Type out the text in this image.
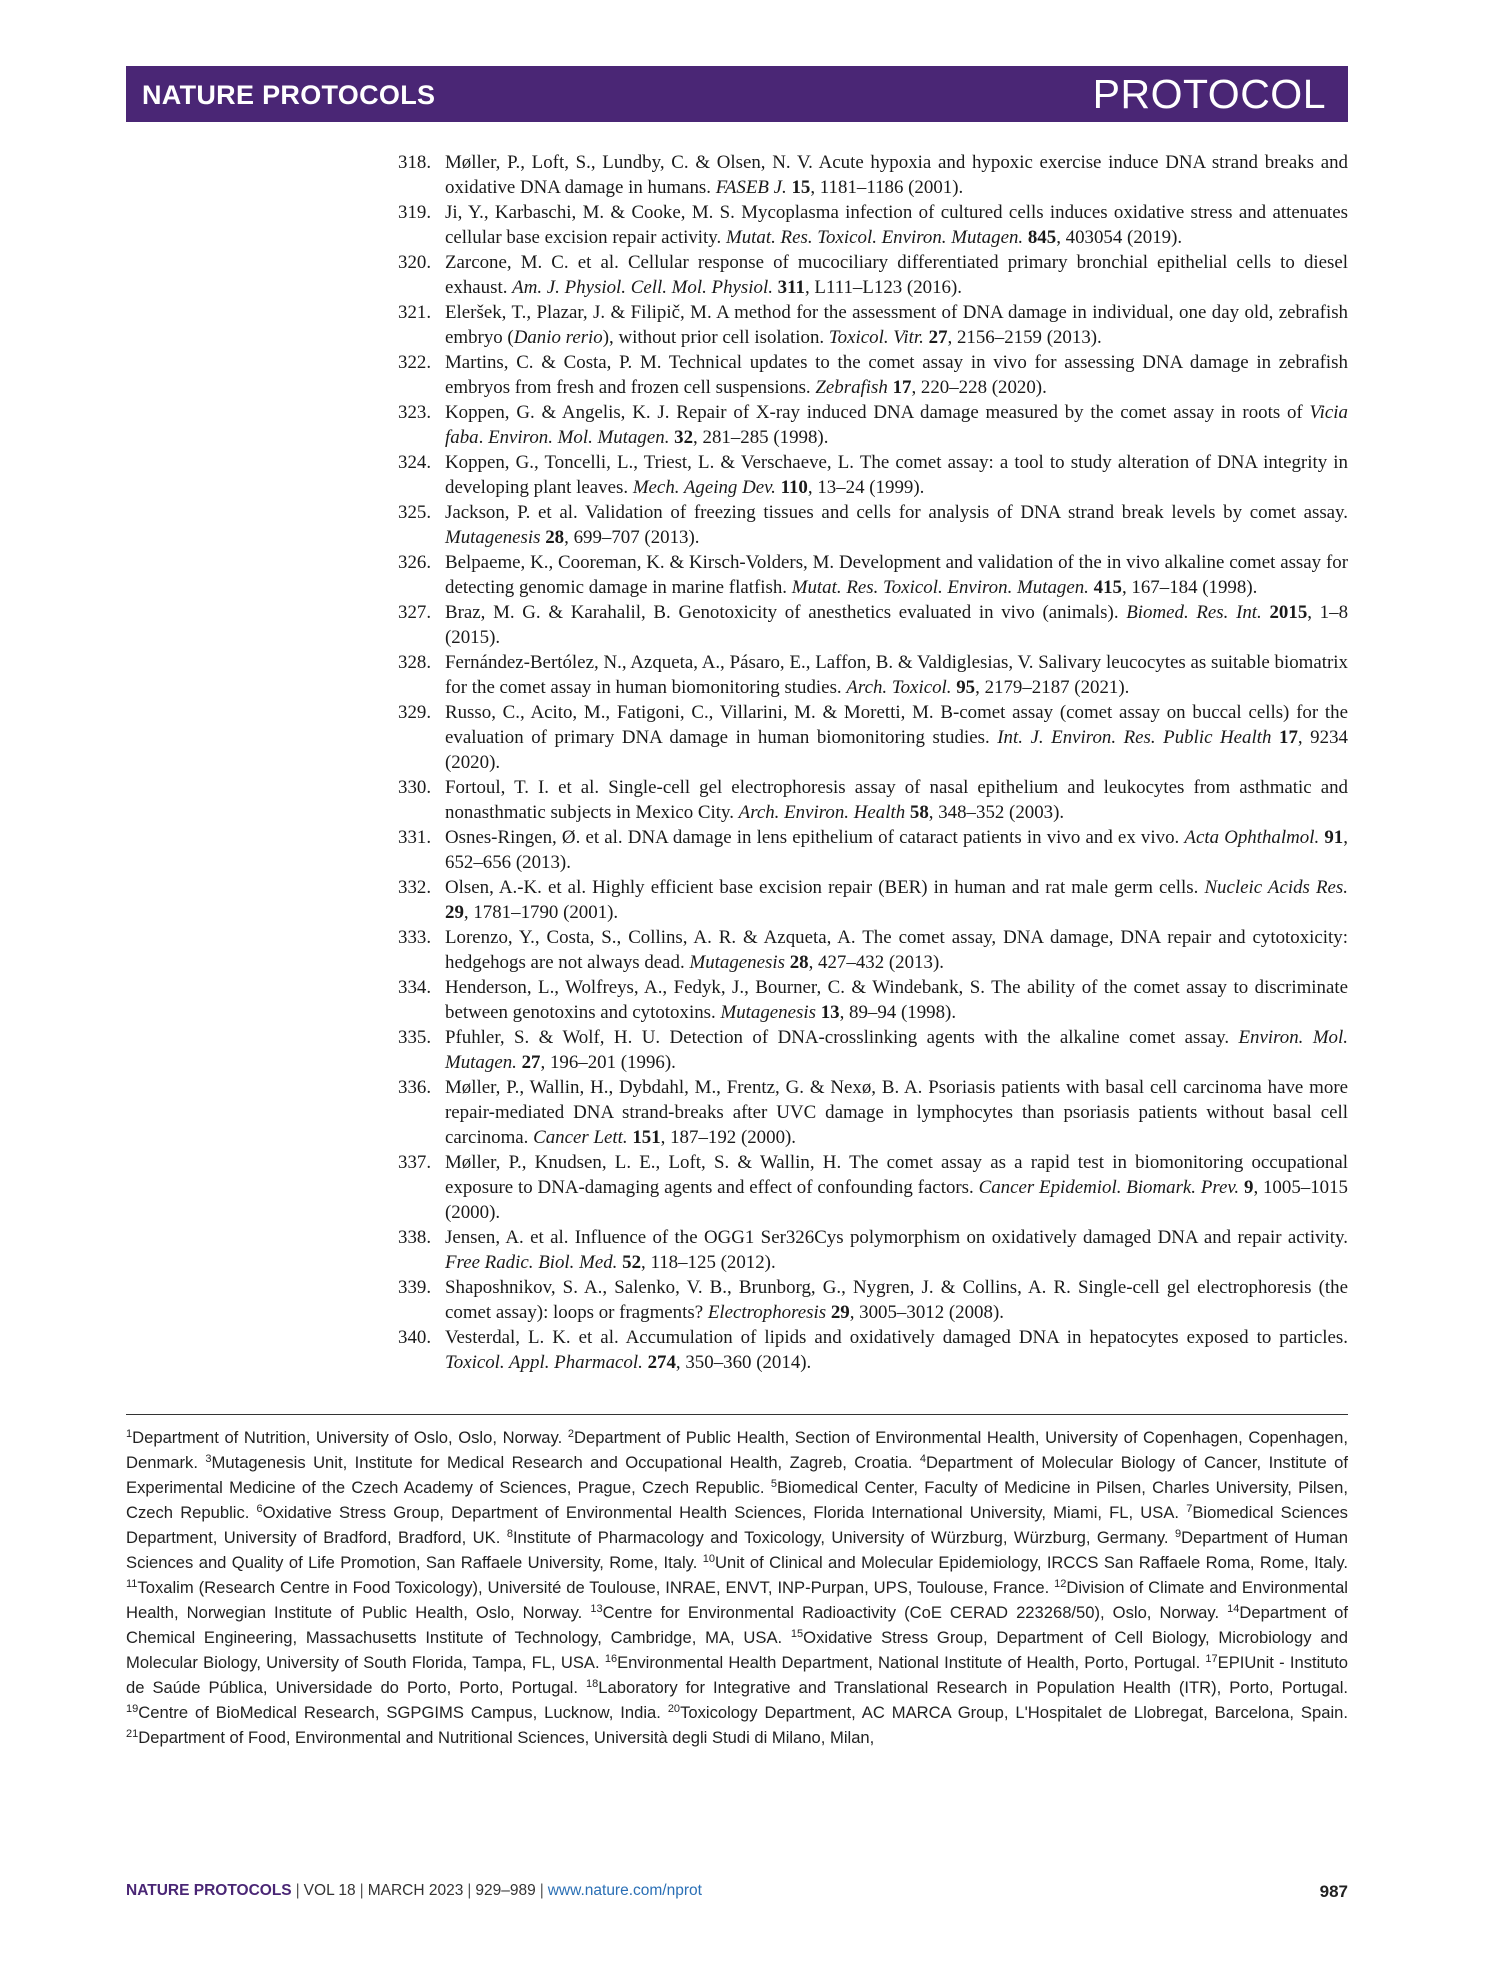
NATURE PROTOCOLS	PROTOCOL
318. Møller, P., Loft, S., Lundby, C. & Olsen, N. V. Acute hypoxia and hypoxic exercise induce DNA strand breaks and oxidative DNA damage in humans. FASEB J. 15, 1181–1186 (2001).
319. Ji, Y., Karbaschi, M. & Cooke, M. S. Mycoplasma infection of cultured cells induces oxidative stress and attenuates cellular base excision repair activity. Mutat. Res. Toxicol. Environ. Mutagen. 845, 403054 (2019).
320. Zarcone, M. C. et al. Cellular response of mucociliary differentiated primary bronchial epithelial cells to diesel exhaust. Am. J. Physiol. Cell. Mol. Physiol. 311, L111–L123 (2016).
321. Eleršek, T., Plazar, J. & Filipič, M. A method for the assessment of DNA damage in individual, one day old, zebrafish embryo (Danio rerio), without prior cell isolation. Toxicol. Vitr. 27, 2156–2159 (2013).
322. Martins, C. & Costa, P. M. Technical updates to the comet assay in vivo for assessing DNA damage in zebrafish embryos from fresh and frozen cell suspensions. Zebrafish 17, 220–228 (2020).
323. Koppen, G. & Angelis, K. J. Repair of X-ray induced DNA damage measured by the comet assay in roots of Vicia faba. Environ. Mol. Mutagen. 32, 281–285 (1998).
324. Koppen, G., Toncelli, L., Triest, L. & Verschaeve, L. The comet assay: a tool to study alteration of DNA integrity in developing plant leaves. Mech. Ageing Dev. 110, 13–24 (1999).
325. Jackson, P. et al. Validation of freezing tissues and cells for analysis of DNA strand break levels by comet assay. Mutagenesis 28, 699–707 (2013).
326. Belpaeme, K., Cooreman, K. & Kirsch-Volders, M. Development and validation of the in vivo alkaline comet assay for detecting genomic damage in marine flatfish. Mutat. Res. Toxicol. Environ. Mutagen. 415, 167–184 (1998).
327. Braz, M. G. & Karahalil, B. Genotoxicity of anesthetics evaluated in vivo (animals). Biomed. Res. Int. 2015, 1–8 (2015).
328. Fernández-Bertólez, N., Azqueta, A., Pásaro, E., Laffon, B. & Valdiglesias, V. Salivary leucocytes as suitable biomatrix for the comet assay in human biomonitoring studies. Arch. Toxicol. 95, 2179–2187 (2021).
329. Russo, C., Acito, M., Fatigoni, C., Villarini, M. & Moretti, M. B-comet assay (comet assay on buccal cells) for the evaluation of primary DNA damage in human biomonitoring studies. Int. J. Environ. Res. Public Health 17, 9234 (2020).
330. Fortoul, T. I. et al. Single-cell gel electrophoresis assay of nasal epithelium and leukocytes from asthmatic and nonasthmatic subjects in Mexico City. Arch. Environ. Health 58, 348–352 (2003).
331. Osnes-Ringen, Ø. et al. DNA damage in lens epithelium of cataract patients in vivo and ex vivo. Acta Ophthalmol. 91, 652–656 (2013).
332. Olsen, A.-K. et al. Highly efficient base excision repair (BER) in human and rat male germ cells. Nucleic Acids Res. 29, 1781–1790 (2001).
333. Lorenzo, Y., Costa, S., Collins, A. R. & Azqueta, A. The comet assay, DNA damage, DNA repair and cytotoxicity: hedgehogs are not always dead. Mutagenesis 28, 427–432 (2013).
334. Henderson, L., Wolfreys, A., Fedyk, J., Bourner, C. & Windebank, S. The ability of the comet assay to discriminate between genotoxins and cytotoxins. Mutagenesis 13, 89–94 (1998).
335. Pfuhler, S. & Wolf, H. U. Detection of DNA-crosslinking agents with the alkaline comet assay. Environ. Mol. Mutagen. 27, 196–201 (1996).
336. Møller, P., Wallin, H., Dybdahl, M., Frentz, G. & Nexø, B. A. Psoriasis patients with basal cell carcinoma have more repair-mediated DNA strand-breaks after UVC damage in lymphocytes than psoriasis patients without basal cell carcinoma. Cancer Lett. 151, 187–192 (2000).
337. Møller, P., Knudsen, L. E., Loft, S. & Wallin, H. The comet assay as a rapid test in biomonitoring occupational exposure to DNA-damaging agents and effect of confounding factors. Cancer Epidemiol. Biomark. Prev. 9, 1005–1015 (2000).
338. Jensen, A. et al. Influence of the OGG1 Ser326Cys polymorphism on oxidatively damaged DNA and repair activity. Free Radic. Biol. Med. 52, 118–125 (2012).
339. Shaposhnikov, S. A., Salenko, V. B., Brunborg, G., Nygren, J. & Collins, A. R. Single-cell gel electrophoresis (the comet assay): loops or fragments? Electrophoresis 29, 3005–3012 (2008).
340. Vesterdal, L. K. et al. Accumulation of lipids and oxidatively damaged DNA in hepatocytes exposed to particles. Toxicol. Appl. Pharmacol. 274, 350–360 (2014).
$^1$Department of Nutrition, University of Oslo, Oslo, Norway. $^2$Department of Public Health, Section of Environmental Health, University of Copenhagen, Copenhagen, Denmark. $^3$Mutagenesis Unit, Institute for Medical Research and Occupational Health, Zagreb, Croatia. $^4$Department of Molecular Biology of Cancer, Institute of Experimental Medicine of the Czech Academy of Sciences, Prague, Czech Republic. $^5$Biomedical Center, Faculty of Medicine in Pilsen, Charles University, Pilsen, Czech Republic. $^6$Oxidative Stress Group, Department of Environmental Health Sciences, Florida International University, Miami, FL, USA. $^7$Biomedical Sciences Department, University of Bradford, Bradford, UK. $^8$Institute of Pharmacology and Toxicology, University of Würzburg, Würzburg, Germany. $^9$Department of Human Sciences and Quality of Life Promotion, San Raffaele University, Rome, Italy. $^{10}$Unit of Clinical and Molecular Epidemiology, IRCCS San Raffaele Roma, Rome, Italy. $^{11}$Toxalim (Research Centre in Food Toxicology), Université de Toulouse, INRAE, ENVT, INP-Purpan, UPS, Toulouse, France. $^{12}$Division of Climate and Environmental Health, Norwegian Institute of Public Health, Oslo, Norway. $^{13}$Centre for Environmental Radioactivity (CoE CERAD 223268/50), Oslo, Norway. $^{14}$Department of Chemical Engineering, Massachusetts Institute of Technology, Cambridge, MA, USA. $^{15}$Oxidative Stress Group, Department of Cell Biology, Microbiology and Molecular Biology, University of South Florida, Tampa, FL, USA. $^{16}$Environmental Health Department, National Institute of Health, Porto, Portugal. $^{17}$EPIUnit - Instituto de Saúde Pública, Universidade do Porto, Porto, Portugal. $^{18}$Laboratory for Integrative and Translational Research in Population Health (ITR), Porto, Portugal. $^{19}$Centre of BioMedical Research, SGPGIMS Campus, Lucknow, India. $^{20}$Toxicology Department, AC MARCA Group, L'Hospitalet de Llobregat, Barcelona, Spain. $^{21}$Department of Food, Environmental and Nutritional Sciences, Università degli Studi di Milano, Milan,
NATURE PROTOCOLS | VOL 18 | MARCH 2023 | 929–989 | www.nature.com/nprot	987
